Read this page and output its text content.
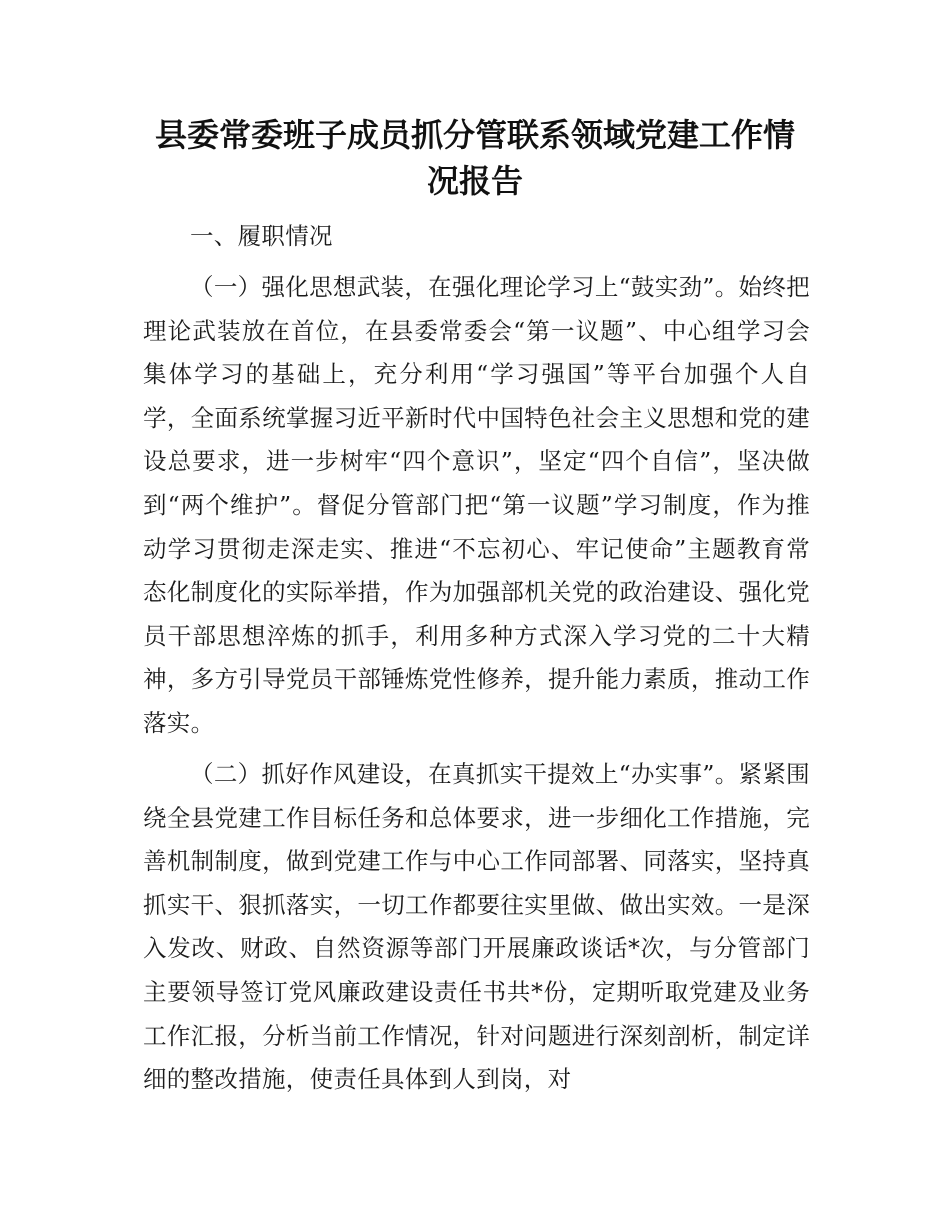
县委常委班子成员抓分管联系领域党建工作情况报告

一、履职情况

（一）强化思想武装，在强化理论学习上“鼓实劲”。始终把理论武装放在首位，在县委常委会“第一议题”、中心组学习会集体学习的基础上，充分利用“学习强国”等平台加强个人自学，全面系统掌握习近平新时代中国特色社会主义思想和党的建设总要求，进一步树牢“四个意识”，坚定“四个自信”，坚决做到“两个维护”。督促分管部门把“第一议题”学习制度，作为推动学习贯彻走深走实、推进“不忘初心、牢记使命”主题教育常态化制度化的实际举措，作为加强部机关党的政治建设、强化党员干部思想淬炼的抓手，利用多种方式深入学习党的二十大精神，多方引导党员干部锤炼党性修养，提升能力素质，推动工作落实。

（二）抓好作风建设，在真抓实干提效上“办实事”。紧紧围绕全县党建工作目标任务和总体要求，进一步细化工作措施，完善机制制度，做到党建工作与中心工作同部署、同落实，坚持真抓实干、狠抓落实，一切工作都要往实里做、做出实效。一是深入发改、财政、自然资源等部门开展廉政谈话*次，与分管部门主要领导签订党风廉政建设责任书共*份，定期听取党建及业务工作汇报，分析当前工作情况，针对问题进行深刻剖析，制定详细的整改措施，使责任具体到人到岗，对
